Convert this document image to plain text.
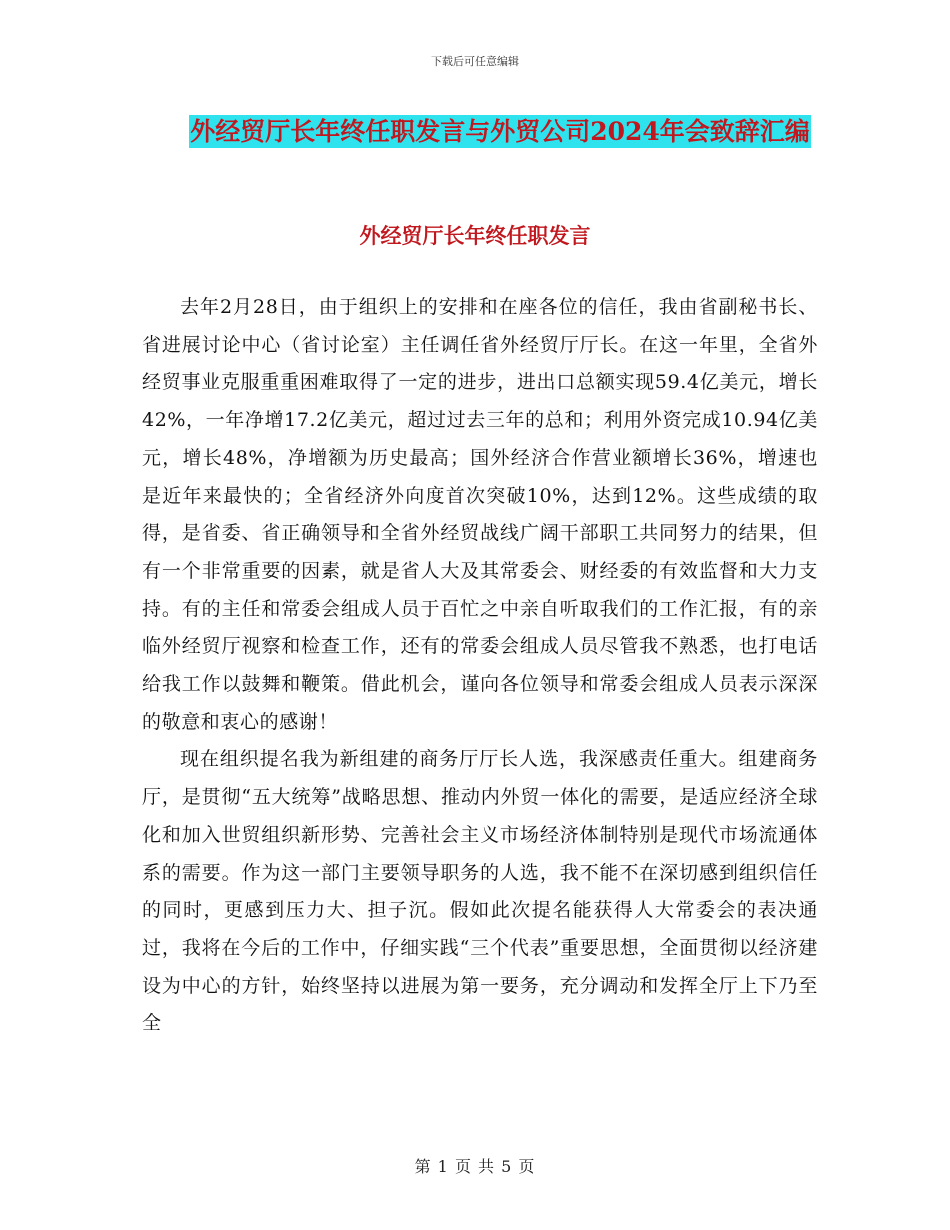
下载后可任意编辑
外经贸厅长年终任职发言与外贸公司2024年会致辞汇编
外经贸厅长年终任职发言

去年2月28日，由于组织上的安排和在座各位的信任，我由省副秘书长、省进展讨论中心（省讨论室）主任调任省外经贸厅厅长。在这一年里，全省外经贸事业克服重重困难取得了一定的进步，进出口总额实现59.4亿美元，增长42%，一年净增17.2亿美元，超过过去三年的总和；利用外资完成10.94亿美元，增长48%，净增额为历史最高；国外经济合作营业额增长36%，增速也是近年来最快的；全省经济外向度首次突破10%，达到12%。这些成绩的取得，是省委、省正确领导和全省外经贸战线广阔干部职工共同努力的结果，但有一个非常重要的因素，就是省人大及其常委会、财经委的有效监督和大力支持。有的主任和常委会组成人员于百忙之中亲自听取我们的工作汇报，有的亲临外经贸厅视察和检查工作，还有的常委会组成人员尽管我不熟悉，也打电话给我工作以鼓舞和鞭策。借此机会，谨向各位领导和常委会组成人员表示深深的敬意和衷心的感谢！

现在组织提名我为新组建的商务厅厅长人选，我深感责任重大。组建商务厅，是贯彻“五大统筹”战略思想、推动内外贸一体化的需要，是适应经济全球化和加入世贸组织新形势、完善社会主义市场经济体制特别是现代市场流通体系的需要。作为这一部门主要领导职务的人选，我不能不在深切感到组织信任的同时，更感到压力大、担子沉。假如此次提名能获得人大常委会的表决通过，我将在今后的工作中，仔细实践“三个代表”重要思想，全面贯彻以经济建设为中心的方针，始终坚持以进展为第一要务，充分调动和发挥全厅上下乃至全

第 1 页 共 5 页
